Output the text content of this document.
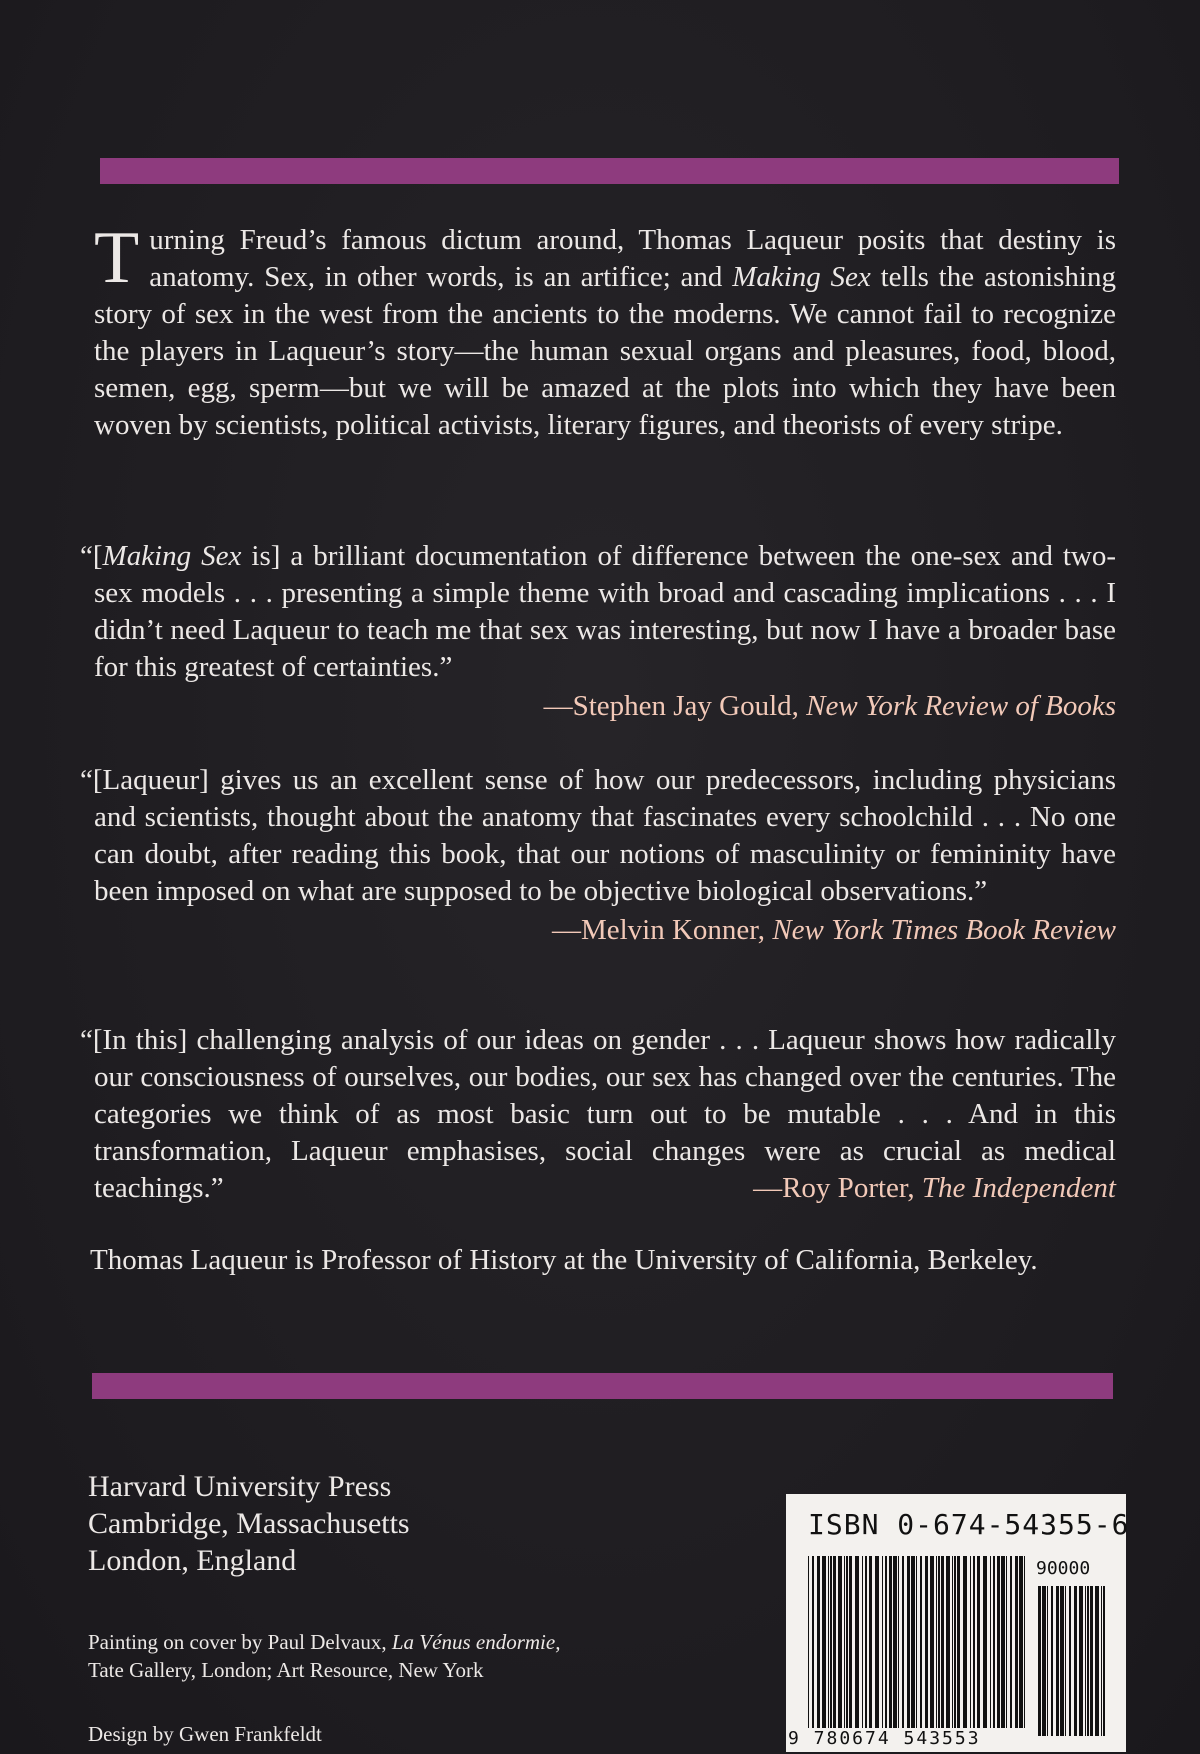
Turning Freud’s famous dictum around, Thomas Laqueur posits that destiny is anatomy. Sex, in other words, is an artifice; and Making Sex tells the astonishing story of sex in the west from the ancients to the moderns. We cannot fail to recognize the players in Laqueur’s story—the human sexual organs and pleasures, food, blood, semen, egg, sperm—but we will be amazed at the plots into which they have been woven by scientists, political activists, literary figures, and theorists of every stripe.

“[Making Sex is] a brilliant documentation of difference between the one-sex and two-sex models . . . presenting a simple theme with broad and cascading implications . . . I didn’t need Laqueur to teach me that sex was interesting, but now I have a broader base for this greatest of certainties.”

—Stephen Jay Gould, New York Review of Books

“[Laqueur] gives us an excellent sense of how our predecessors, including physicians and scientists, thought about the anatomy that fascinates every schoolchild . . . No one can doubt, after reading this book, that our notions of masculinity or femininity have been imposed on what are supposed to be objective biological observations.”

—Melvin Konner, New York Times Book Review

“[In this] challenging analysis of our ideas on gender . . . Laqueur shows how radically our consciousness of ourselves, our bodies, our sex has changed over the centuries. The categories we think of as most basic turn out to be mutable . . . And in this transformation, Laqueur emphasises, social changes were as crucial as medical teachings.”	—Roy Porter, The Independent

Thomas Laqueur is Professor of History at the University of California, Berkeley.

Harvard University Press
Cambridge, Massachusetts
London, England
Painting on cover by Paul Delvaux, La Vénus endormie,
Tate Gallery, London; Art Resource, New York
Design by Gwen Frankfeldt
ISBN 0-674-54355-6
90000
9 780674 543553
